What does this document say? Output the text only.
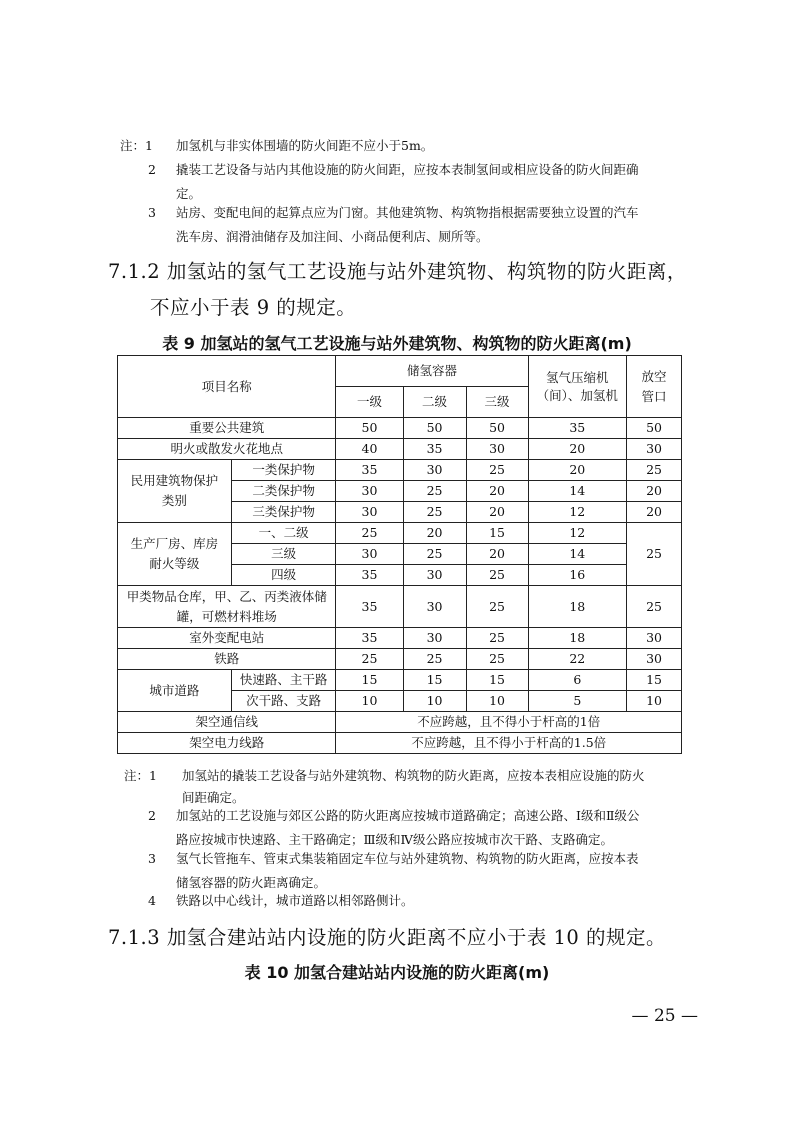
注：1 加氢机与非实体围墙的防火间距不应小于5m。
2 撬装工艺设备与站内其他设施的防火间距，应按本表制氢间或相应设备的防火间距确
定。
3 站房、变配电间的起算点应为门窗。其他建筑物、构筑物指根据需要独立设置的汽车
洗车房、润滑油储存及加注间、小商品便利店、厕所等。
7.1.2 加氢站的氢气工艺设施与站外建筑物、构筑物的防火距离，
不应小于表 9 的规定。
表 9 加氢站的氢气工艺设施与站外建筑物、构筑物的防火距离(m)
项目名称		储氢容器			氢气压缩机（间）、加氢机	放空管口
		一级	二级	三级		
重要公共建筑		50	50	50	35	50
明火或散发火花地点		40	35	30	20	30
民用建筑物保护类别	一类保护物	35	30	25	20	25
	二类保护物	30	25	20	14	20
	三类保护物	30	25	20	12	20
生产厂房、库房耐火等级	一、二级	25	20	15	12	25
	三级	30	25	20	14	
	四级	35	30	25	16	
甲类物品仓库，甲、乙、丙类液体储罐，可燃材料堆场		35	30	25	18	25
室外变配电站		35	30	25	18	30
铁路		25	25	25	22	30
城市道路	快速路、主干路	15	15	15	6	15
	次干路、支路	10	10	10	5	10
架空通信线		不应跨越，且不得小于杆高的1倍				
架空电力线路		不应跨越，且不得小于杆高的1.5倍				
注：1 加氢站的撬装工艺设备与站外建筑物、构筑物的防火距离，应按本表相应设施的防火
间距确定。
2 加氢站的工艺设施与郊区公路的防火距离应按城市道路确定；高速公路、Ⅰ级和Ⅱ级公
路应按城市快速路、主干路确定；Ⅲ级和Ⅳ级公路应按城市次干路、支路确定。
3 氢气长管拖车、管束式集装箱固定车位与站外建筑物、构筑物的防火距离，应按本表
储氢容器的防火距离确定。
4 铁路以中心线计，城市道路以相邻路侧计。
7.1.3 加氢合建站站内设施的防火距离不应小于表 10 的规定。
表 10 加氢合建站站内设施的防火距离(m)
— 25 —
